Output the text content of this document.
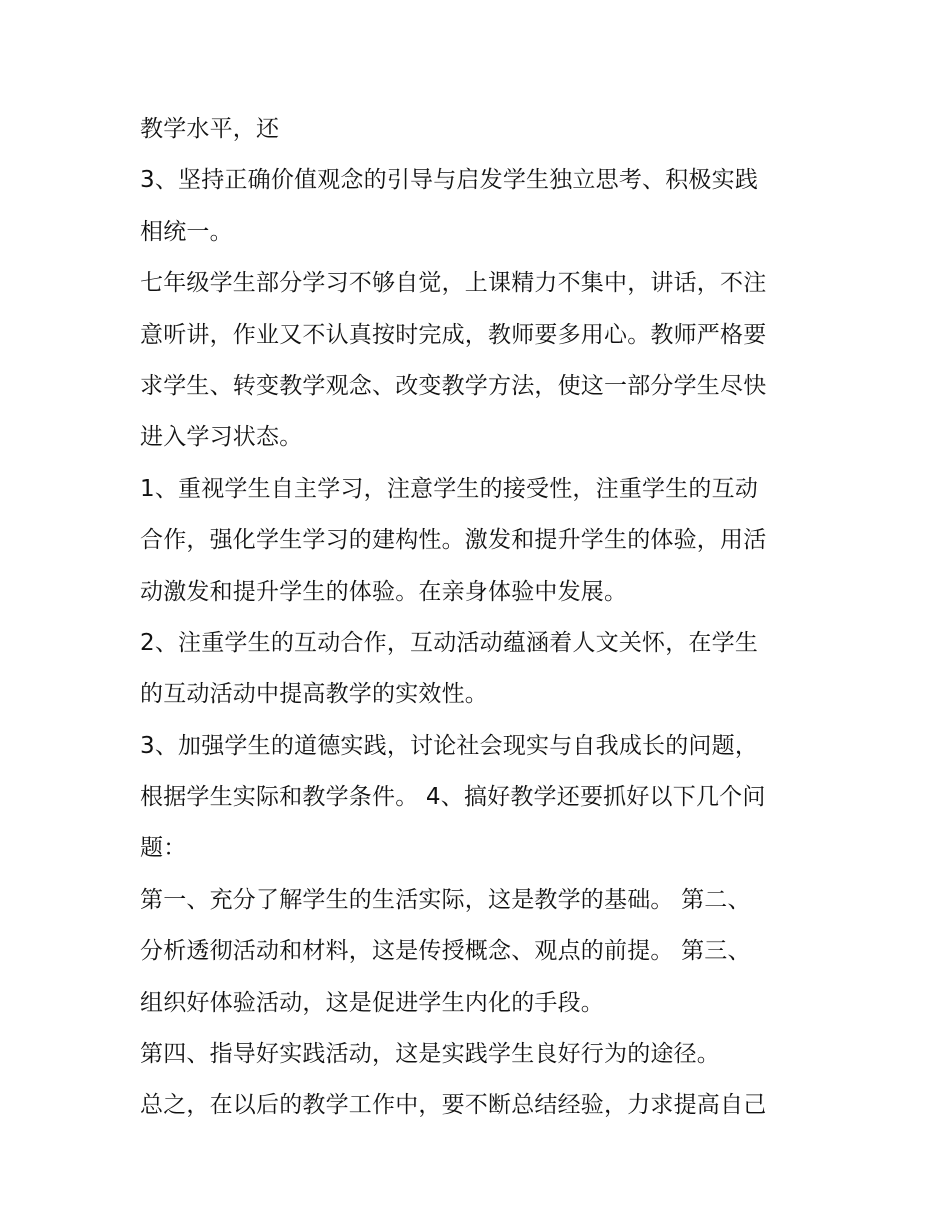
教学水平，还
3、坚持正确价值观念的引导与启发学生独立思考、积极实践
相统一。
七年级学生部分学习不够自觉，上课精力不集中，讲话，不注
意听讲，作业又不认真按时完成，教师要多用心。教师严格要
求学生、转变教学观念、改变教学方法，使这一部分学生尽快
进入学习状态。
1、重视学生自主学习，注意学生的接受性，注重学生的互动
合作，强化学生学习的建构性。激发和提升学生的体验，用活
动激发和提升学生的体验。在亲身体验中发展。
2、注重学生的互动合作，互动活动蕴涵着人文关怀，在学生
的互动活动中提高教学的实效性。
3、加强学生的道德实践，讨论社会现实与自我成长的问题，
根据学生实际和教学条件。 4、搞好教学还要抓好以下几个问
题：
第一、充分了解学生的生活实际，这是教学的基础。 第二、
分析透彻活动和材料，这是传授概念、观点的前提。 第三、
组织好体验活动，这是促进学生内化的手段。
第四、指导好实践活动，这是实践学生良好行为的途径。
总之，在以后的教学工作中，要不断总结经验，力求提高自己
